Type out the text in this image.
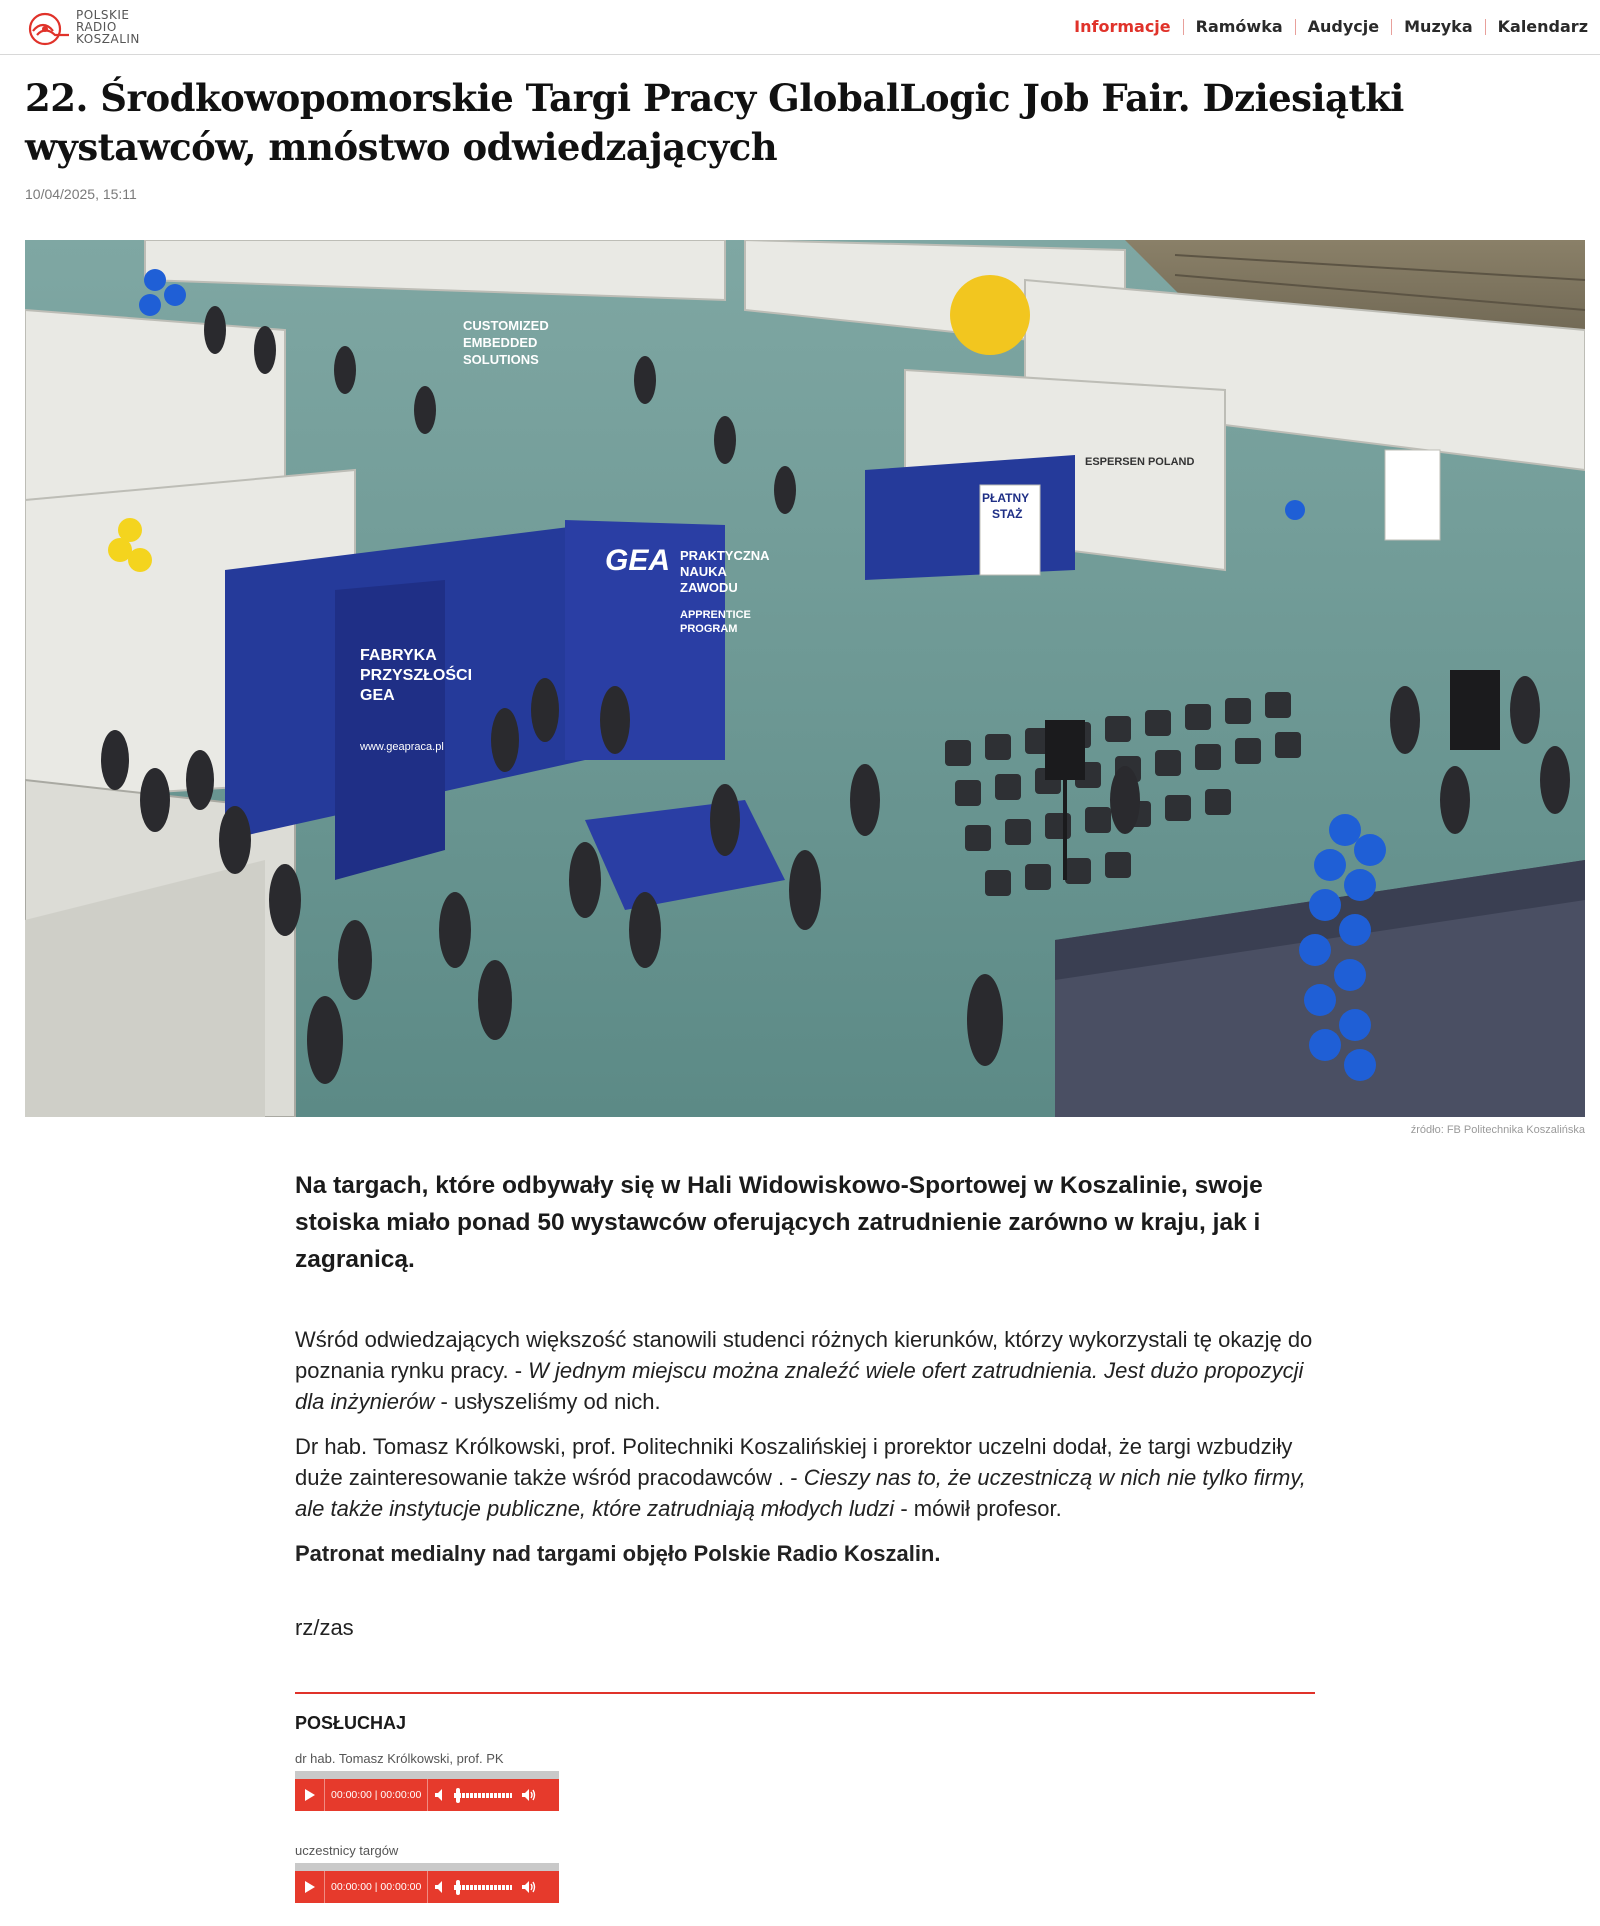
POLSKIE
RADIO
KOSZALIN
Informacje	Ramówka	Audycje	Muzyka	Kalendarz
22. Środkowopomorskie Targi Pracy GlobalLogic Job Fair. Dziesiątki wystawców, mnóstwo odwiedzających
10/04/2025, 15:11
FABRYKA
PRZYSZŁOŚCI
GEA
www.geapraca.pl
PRAKTYCZNA
NAUKA
ZAWODU
APPRENTICE
PROGRAM
CUSTOMIZED
EMBEDDED
SOLUTIONS
GEA
PŁATNY
STAŻ
ESPERSEN POLAND
źródło: FB Politechnika Koszalińska

Na targach, które odbywały się w Hali Widowiskowo-Sportowej w Koszalinie, swoje stoiska miało ponad 50 wystawców oferujących zatrudnienie zarówno w kraju, jak i zagranicą.

Wśród odwiedzających większość stanowili studenci różnych kierunków, którzy wykorzystali tę okazję do poznania rynku pracy. - W jednym miejscu można znaleźć wiele ofert zatrudnienia. Jest dużo propozycji dla inżynierów - usłyszeliśmy od nich.

Dr hab. Tomasz Królkowski, prof. Politechniki Koszalińskiej i prorektor uczelni dodał, że targi wzbudziły duże zainteresowanie także wśród pracodawców . - Cieszy nas to, że uczestniczą w nich nie tylko firmy, ale także instytucje publiczne, które zatrudniają młodych ludzi - mówił profesor.

Patronat medialny nad targami objęło Polskie Radio Koszalin.

rz/zas
POSŁUCHAJ
dr hab. Tomasz Królkowski, prof. PK
00:00:00 | 00:00:00
uczestnicy targów
00:00:00 | 00:00:00
